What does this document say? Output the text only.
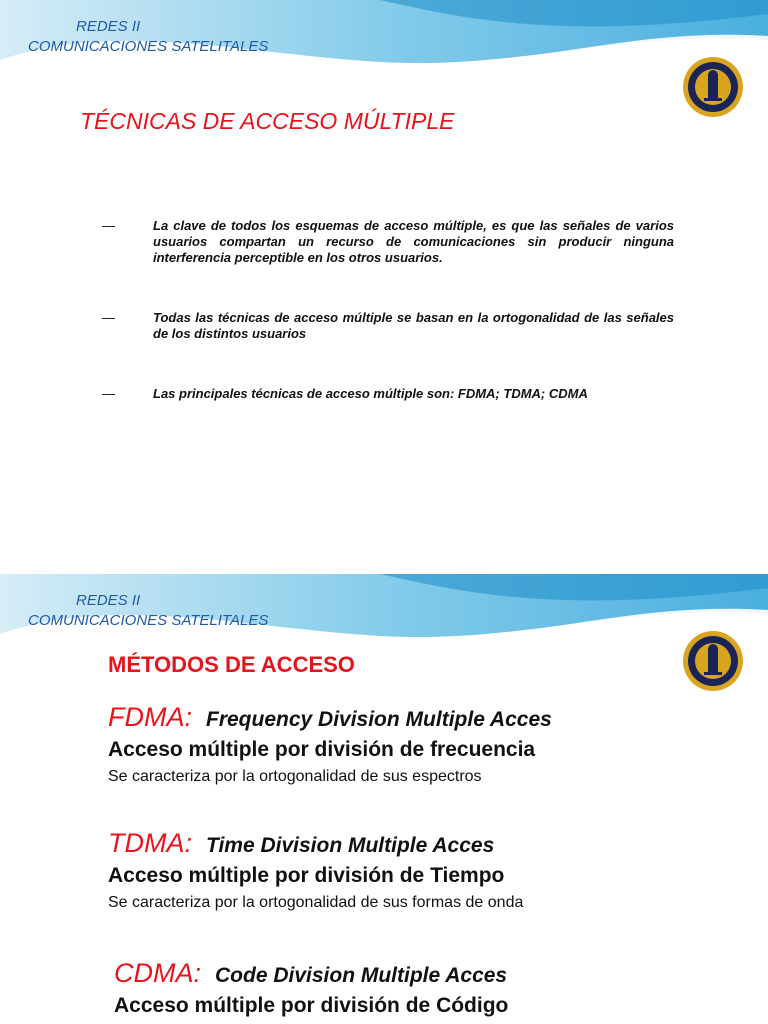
REDES II
COMUNICACIONES SATELITALES
TÉCNICAS DE ACCESO MÚLTIPLE
—	La clave de todos los esquemas de acceso múltiple, es que las señales de varios usuarios compartan un recurso de comunicaciones sin producir ninguna interferencia perceptible en los otros usuarios.
—	Todas las técnicas de acceso múltiple se basan en la ortogonalidad de las señales de los distintos usuarios
—	Las principales técnicas de acceso múltiple son: FDMA; TDMA; CDMA
REDES II
COMUNICACIONES SATELITALES
MÉTODOS DE ACCESO
FDMA: Frequency Division Multiple Acces
Acceso múltiple por división de frecuencia
Se caracteriza por la ortogonalidad de sus espectros
TDMA: Time Division Multiple Acces
Acceso múltiple por división de Tiempo
Se caracteriza por la ortogonalidad de sus formas de onda
CDMA: Code Division Multiple Acces
Acceso múltiple por división de Código
